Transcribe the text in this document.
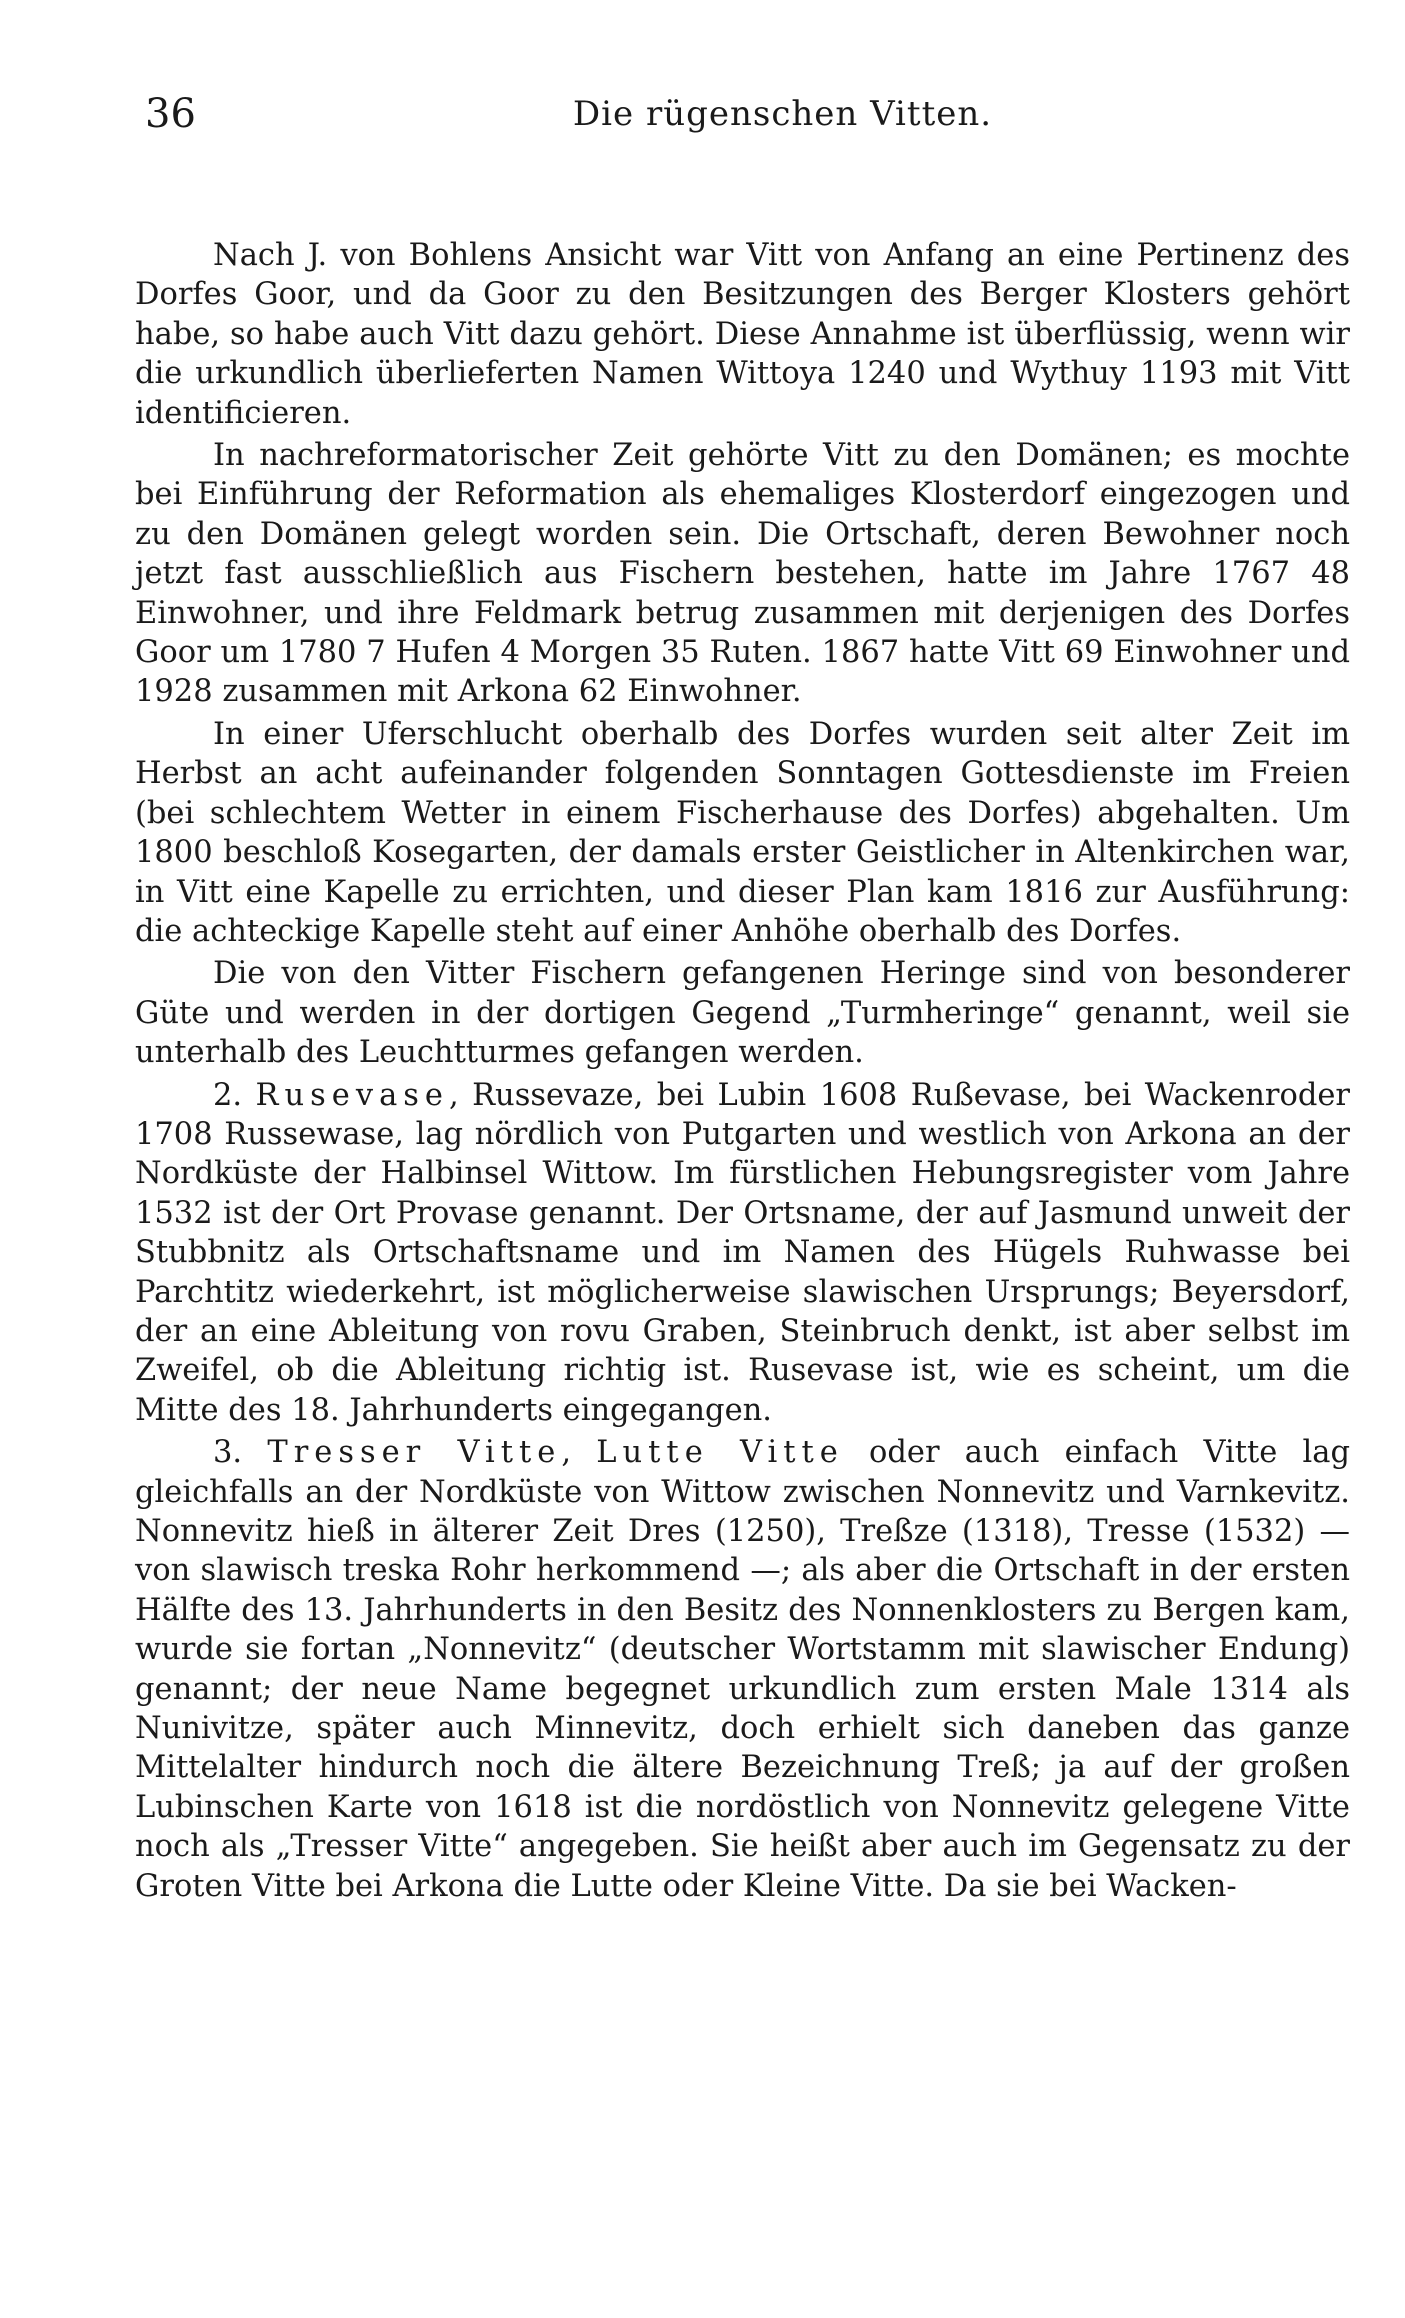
36	Die rügenschen Vitten.

Nach J. von Bohlens Ansicht war Vitt von Anfang an eine Pertinenz des Dorfes Goor, und da Goor zu den Besitzungen des Berger Klosters gehört habe, so habe auch Vitt dazu gehört. Diese Annahme ist überflüssig, wenn wir die urkundlich überlieferten Namen Wittoya 1240 und Wythuy 1193 mit Vitt identificieren.

In nachreformatorischer Zeit gehörte Vitt zu den Domänen; es mochte bei Einführung der Reformation als ehemaliges Klosterdorf eingezogen und zu den Domänen gelegt worden sein. Die Ortschaft, deren Bewohner noch jetzt fast ausschließlich aus Fischern bestehen, hatte im Jahre 1767 48 Einwohner, und ihre Feldmark betrug zusammen mit derjenigen des Dorfes Goor um 1780 7 Hufen 4 Morgen 35 Ruten. 1867 hatte Vitt 69 Einwohner und 1928 zusammen mit Arkona 62 Einwohner.

In einer Uferschlucht oberhalb des Dorfes wurden seit alter Zeit im Herbst an acht aufeinander folgenden Sonntagen Gottesdienste im Freien (bei schlechtem Wetter in einem Fischerhause des Dorfes) abgehalten. Um 1800 beschloß Kosegarten, der damals erster Geistlicher in Altenkirchen war, in Vitt eine Kapelle zu errichten, und dieser Plan kam 1816 zur Ausführung: die achteckige Kapelle steht auf einer Anhöhe oberhalb des Dorfes.

Die von den Vitter Fischern gefangenen Heringe sind von besonderer Güte und werden in der dortigen Gegend „Turmheringe“ genannt, weil sie unterhalb des Leuchtturmes gefangen werden.

2. Rusevase, Russevaze, bei Lubin 1608 Rußevase, bei Wackenroder 1708 Russewase, lag nördlich von Putgarten und westlich von Arkona an der Nordküste der Halbinsel Wittow. Im fürstlichen Hebungsregister vom Jahre 1532 ist der Ort Provase genannt. Der Ortsname, der auf Jasmund unweit der Stubbnitz als Ortschaftsname und im Namen des Hügels Ruhwasse bei Parchtitz wiederkehrt, ist möglicherweise slawischen Ursprungs; Beyersdorf, der an eine Ableitung von rovu Graben, Steinbruch denkt, ist aber selbst im Zweifel, ob die Ableitung richtig ist. Rusevase ist, wie es scheint, um die Mitte des 18. Jahrhunderts eingegangen.

3. Tresser Vitte, Lutte Vitte oder auch einfach Vitte lag gleichfalls an der Nordküste von Wittow zwischen Nonnevitz und Varnkevitz. Nonnevitz hieß in älterer Zeit Dres (1250), Treßze (1318), Tresse (1532) — von slawisch treska Rohr herkommend —; als aber die Ortschaft in der ersten Hälfte des 13. Jahrhunderts in den Besitz des Nonnenklosters zu Bergen kam, wurde sie fortan „Nonnevitz“ (deutscher Wortstamm mit slawischer Endung) genannt; der neue Name begegnet urkundlich zum ersten Male 1314 als Nunivitze, später auch Minnevitz, doch erhielt sich daneben das ganze Mittelalter hindurch noch die ältere Bezeichnung Treß; ja auf der großen Lubinschen Karte von 1618 ist die nordöstlich von Nonnevitz gelegene Vitte noch als „Tresser Vitte“ angegeben. Sie heißt aber auch im Gegensatz zu der Groten Vitte bei Arkona die Lutte oder Kleine Vitte. Da sie bei Wacken-
